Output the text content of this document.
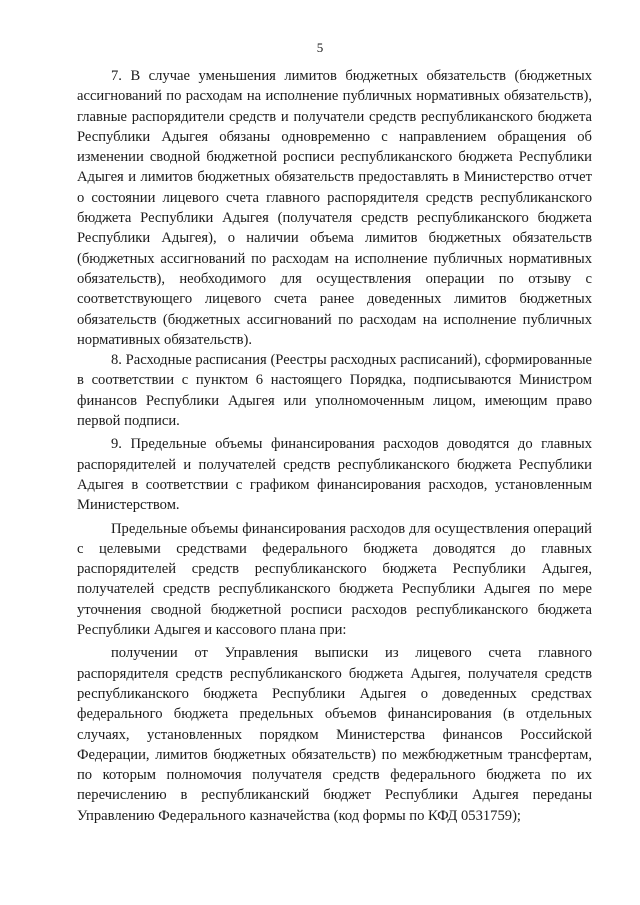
5

7. В случае уменьшения лимитов бюджетных обязательств (бюджетных ассигнований по расходам на исполнение публичных нормативных обязательств), главные распорядители средств и получатели средств республиканского бюджета Республики Адыгея обязаны одновременно с направлением обращения об изменении сводной бюджетной росписи республиканского бюджета Республики Адыгея и лимитов бюджетных обязательств предоставлять в Министерство отчет о состоянии лицевого счета главного распорядителя средств республиканского бюджета Республики Адыгея (получателя средств республиканского бюджета Республики Адыгея), о наличии объема лимитов бюджетных обязательств (бюджетных ассигнований по расходам на исполнение публичных нормативных обязательств), необходимого для осуществления операции по отзыву с соответствующего лицевого счета ранее доведенных лимитов бюджетных обязательств (бюджетных ассигнований по расходам на исполнение публичных нормативных обязательств).

8. Расходные расписания (Реестры расходных расписаний), сформированные в соответствии с пунктом 6 настоящего Порядка, подписываются Министром финансов Республики Адыгея или уполномоченным лицом, имеющим право первой подписи.

9. Предельные объемы финансирования расходов доводятся до главных распорядителей и получателей средств республиканского бюджета Республики Адыгея в соответствии с графиком финансирования расходов, установленным Министерством.

Предельные объемы финансирования расходов для осуществления операций с целевыми средствами федерального бюджета доводятся до главных распорядителей средств республиканского бюджета Республики Адыгея, получателей средств республиканского бюджета Республики Адыгея по мере уточнения сводной бюджетной росписи расходов республиканского бюджета Республики Адыгея и кассового плана при:

получении от Управления выписки из лицевого счета главного распорядителя средств республиканского бюджета Адыгея, получателя средств республиканского бюджета Республики Адыгея о доведенных средствах федерального бюджета предельных объемов финансирования (в отдельных случаях, установленных порядком Министерства финансов Российской Федерации, лимитов бюджетных обязательств) по межбюджетным трансфертам, по которым полномочия получателя средств федерального бюджета по их перечислению в республиканский бюджет Республики Адыгея переданы Управлению Федерального казначейства (код формы по КФД 0531759);
